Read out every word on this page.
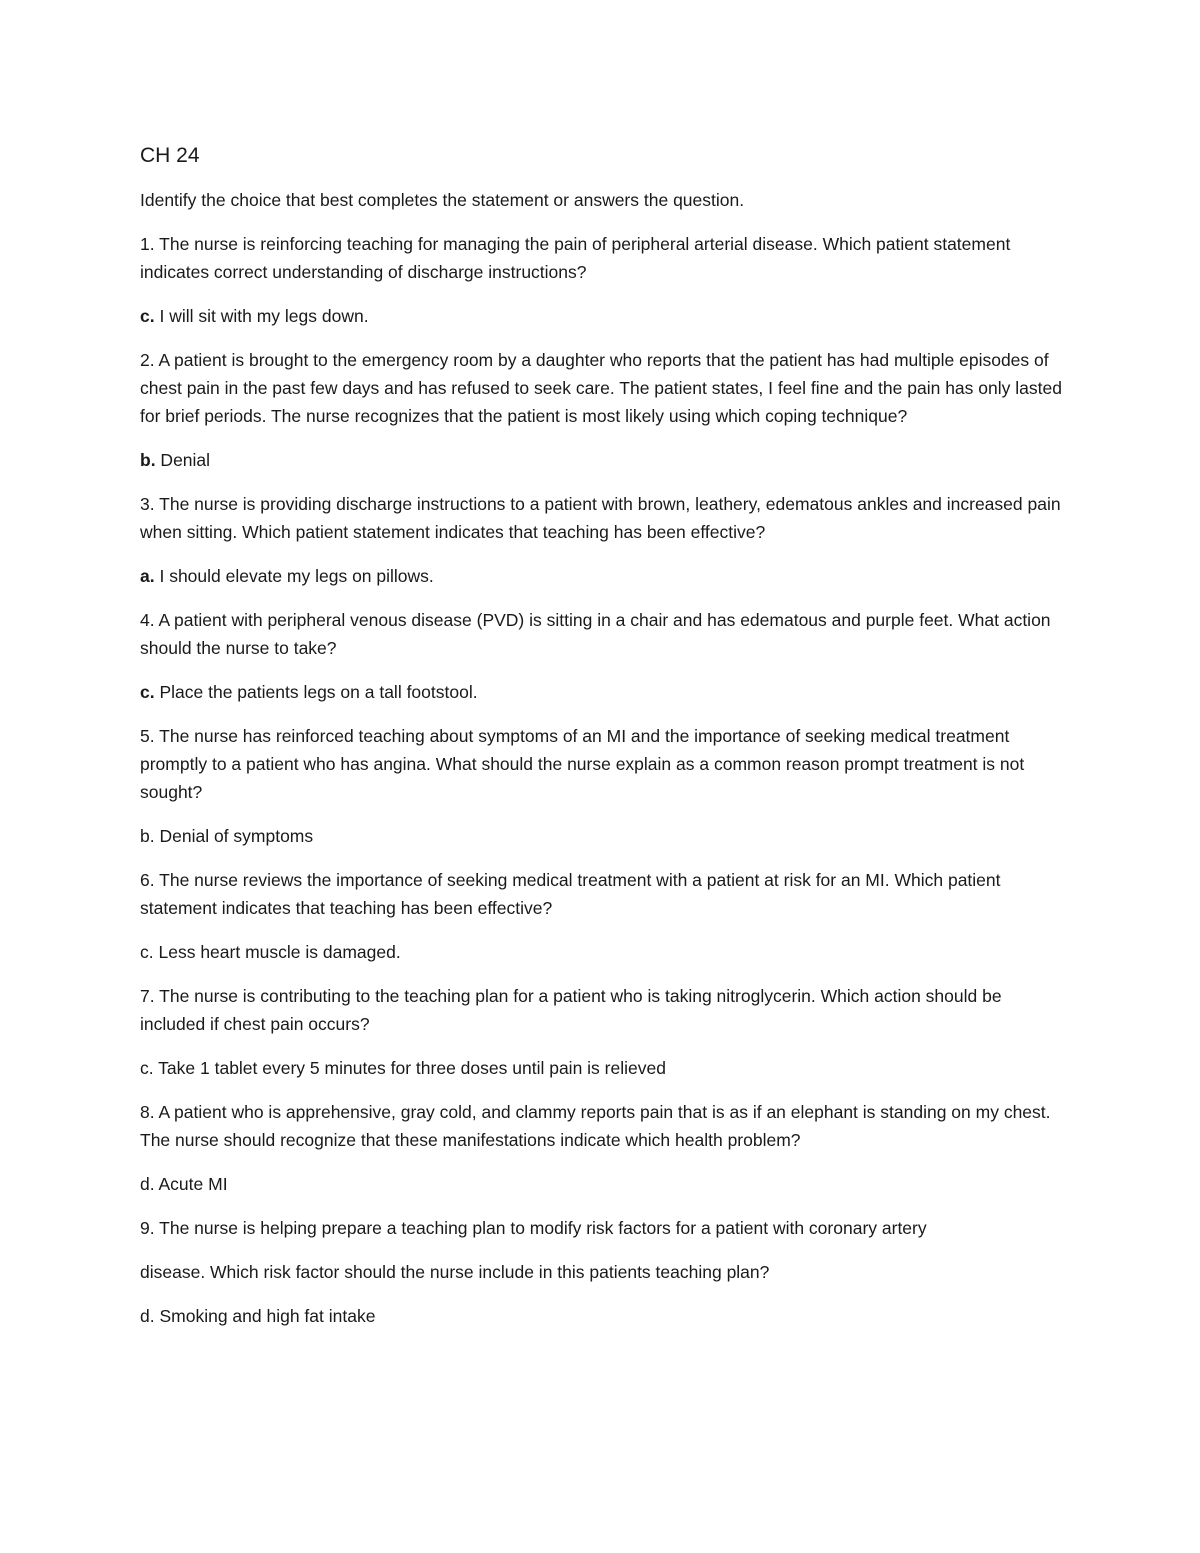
CH 24
Identify the choice that best completes the statement or answers the question.
1. The nurse is reinforcing teaching for managing the pain of peripheral arterial disease. Which patient statement indicates correct understanding of discharge instructions?
c. I will sit with my legs down.
2. A patient is brought to the emergency room by a daughter who reports that the patient has had multiple episodes of chest pain in the past few days and has refused to seek care. The patient states, I feel fine and the pain has only lasted for brief periods. The nurse recognizes that the patient is most likely using which coping technique?
b. Denial
3. The nurse is providing discharge instructions to a patient with brown, leathery, edematous ankles and increased pain when sitting. Which patient statement indicates that teaching has been effective?
a. I should elevate my legs on pillows.
4. A patient with peripheral venous disease (PVD) is sitting in a chair and has edematous and purple feet. What action should the nurse to take?
c. Place the patients legs on a tall footstool.
5. The nurse has reinforced teaching about symptoms of an MI and the importance of seeking medical treatment promptly to a patient who has angina. What should the nurse explain as a common reason prompt treatment is not sought?
b. Denial of symptoms
6. The nurse reviews the importance of seeking medical treatment with a patient at risk for an MI. Which patient statement indicates that teaching has been effective?
c. Less heart muscle is damaged.
7. The nurse is contributing to the teaching plan for a patient who is taking nitroglycerin. Which action should be included if chest pain occurs?
c. Take 1 tablet every 5 minutes for three doses until pain is relieved
8. A patient who is apprehensive, gray cold, and clammy reports pain that is as if an elephant is standing on my chest. The nurse should recognize that these manifestations indicate which health problem?
d. Acute MI
9. The nurse is helping prepare a teaching plan to modify risk factors for a patient with coronary artery
disease. Which risk factor should the nurse include in this patients teaching plan?
d. Smoking and high fat intake
